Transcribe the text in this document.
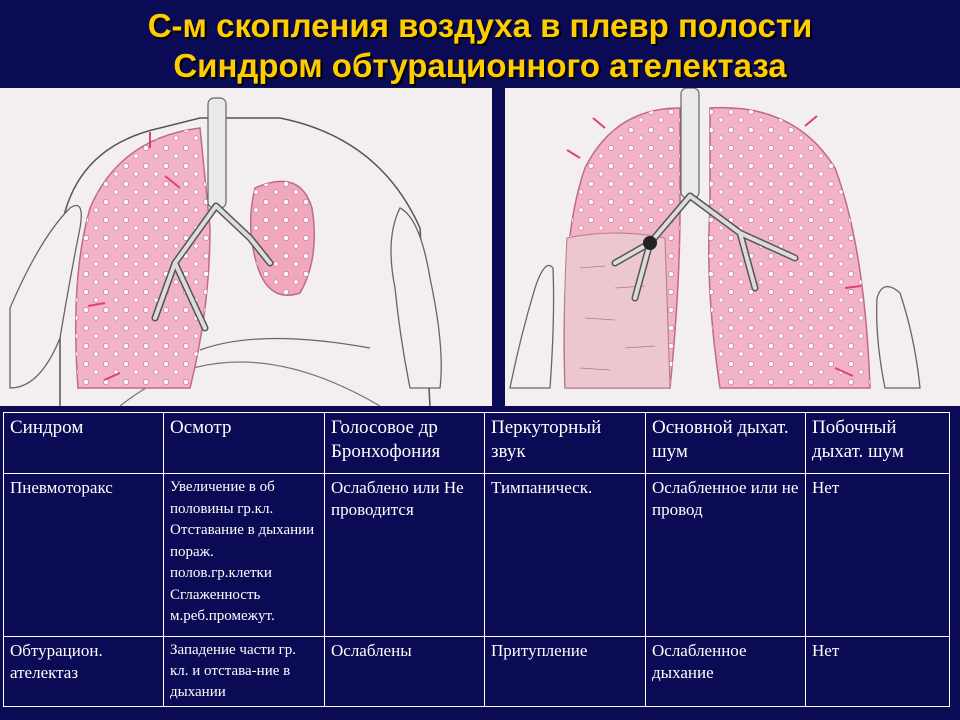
С-м скопления воздуха в плевр полости
Синдром обтурационного ателектаза
Синдром	Осмотр	Голосовое др Бронхофония	Перкуторный звук	Основной дыхат. шум	Побочный дыхат. шум
Пневмоторакс	Увеличение в об половины гр.кл. Отставание в дыхании пораж. полов.гр.клетки Сглаженность м.реб.промежут.	Ослаблено или Не проводится	Тимпаническ.	Ослабленное или не провод	Нет
Обтурацион. ателектаз	Западение части гр. кл. и отстава-ние в дыхании	Ослаблены	Притупление	Ослабленное дыхание	Нет
